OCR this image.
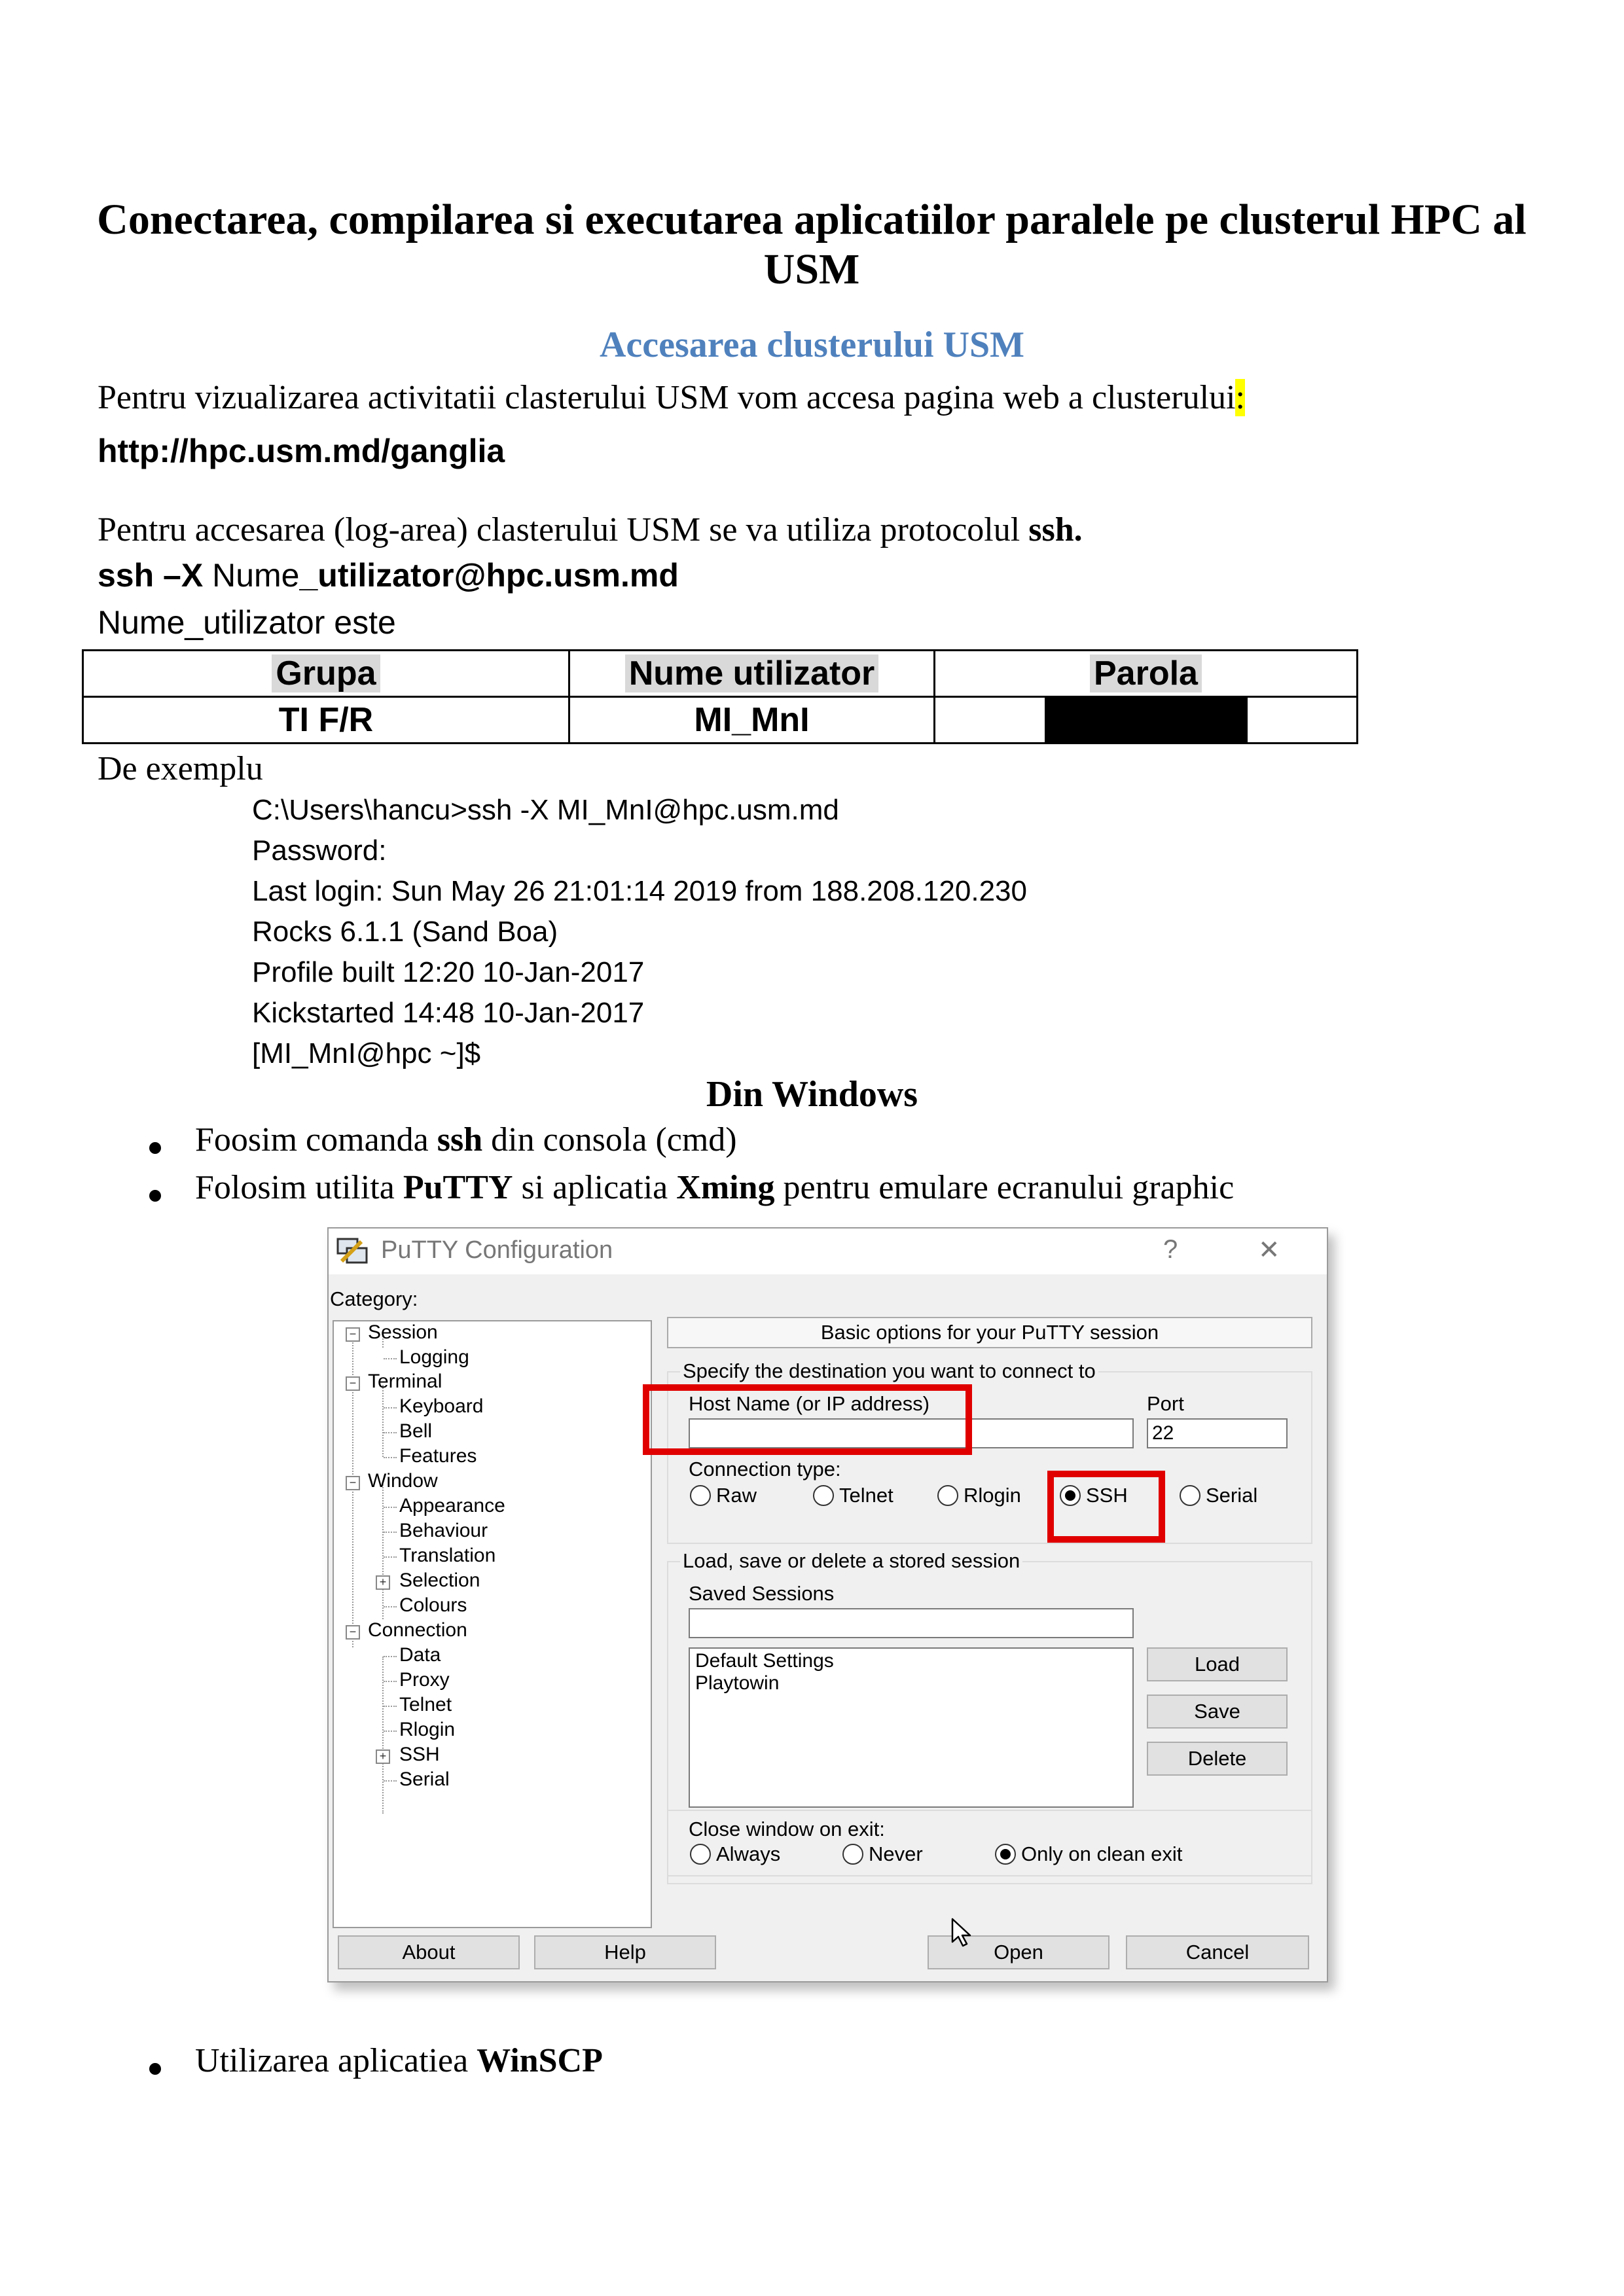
Conectarea, compilarea si executarea aplicatiilor paralele pe clusterul HPC al USM
Accesarea clusterului USM
Pentru vizualizarea activitatii clasterului USM vom accesa pagina web a clusterului:
http://hpc.usm.md/ganglia
Pentru accesarea (log-area) clasterului USM se va utiliza protocolul ssh.
ssh –X Nume_utilizator@hpc.usm.md
Nume_utilizator este
Grupa	Nume utilizator	Parola
TI F/R	MI_MnI	
De exemplu
C:\Users\hancu>ssh -X MI_MnI@hpc.usm.md
Password:
Last login: Sun May 26 21:01:14 2019 from 188.208.120.230
Rocks 6.1.1 (Sand Boa)
Profile built 12:20 10-Jan-2017
Kickstarted 14:48 10-Jan-2017
[MI_MnI@hpc ~]$
Din Windows
Foosim comanda ssh din consola (cmd)
Folosim utilita PuTTY si aplicatia Xming pentru emulare ecranului graphic
PuTTY Configuration	?	✕
Category:
− Session
Logging
− Terminal
Keyboard
Bell
Features
− Window
Appearance
Behaviour
Translation
+ Selection
Colours
− Connection
Data
Proxy
Telnet
Rlogin
+ SSH
Serial
Basic options for your PuTTY session
Specify the destination you want to connect to
Host Name (or IP address)	Port
22
Connection type:
Raw	Telnet	Rlogin	SSH	Serial
Load, save or delete a stored session
Saved Sessions
Default Settings
Playtowin
Load
Save
Delete
Close window on exit:
Always	Never	Only on clean exit
About	Help	Open	Cancel
Utilizarea aplicatiea WinSCP
